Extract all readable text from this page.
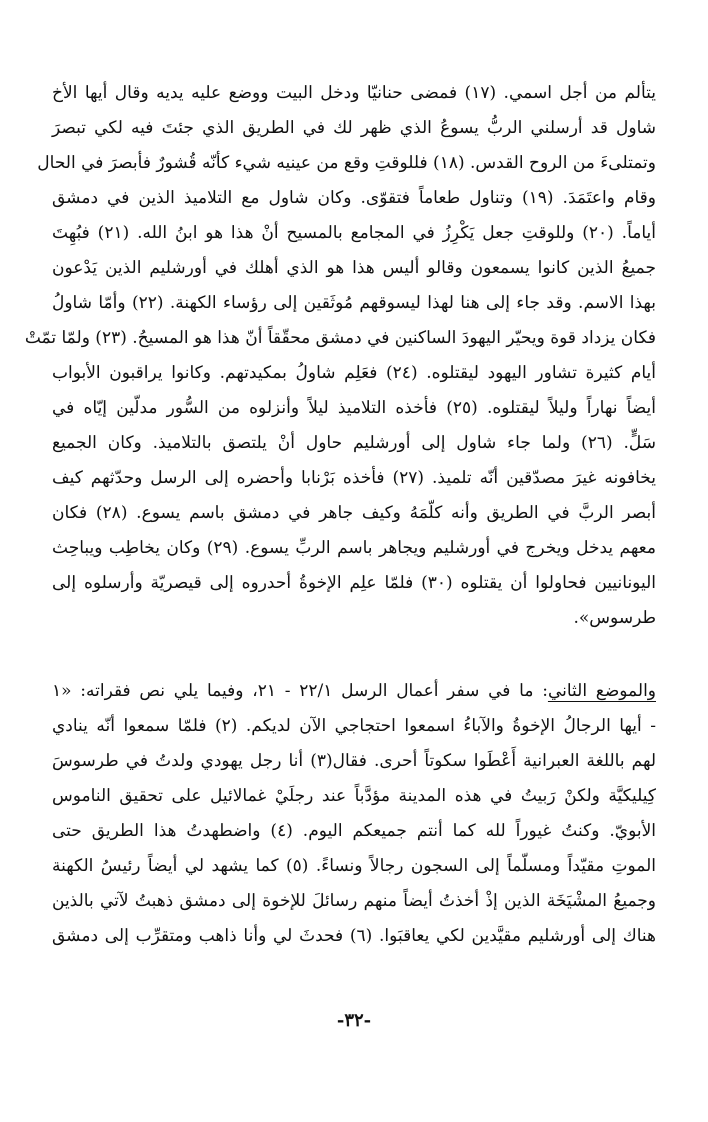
يتألم من أجل اسمي. (١٧) فمضى حنانيّا ودخل البيت ووضع عليه يديه وقال أيها الأخ
شاول قد أرسلني الربُّ يسوعُ الذي ظهر لك في الطريق الذي جئتَ فيه لكي تبصرَ
وتمتلىءَ من الروح القدس. (١٨) فللوقتِ وقع من عينيه شيء كأنّه قُشورٌ فأبصرَ في الحال
وقام واعتَمَدَ. (١٩) وتناول طعاماً فتقوّى. وكان شاول مع التلاميذ الذين في دمشق
أياماً. (٢٠) وللوقتِ جعل يَكْرِزُ في المجامع بالمسيح أنْ هذا هو ابنُ الله. (٢١) فبُهِتَ
جميعُ الذين كانوا يسمعون وقالو أليس هذا هو الذي أهلك في أورشليم الذين يَدْعون
بهذا الاسم. وقد جاء إلى هنا لهذا ليسوقهم مُوثَقين إلى رؤساء الكهنة. (٢٢) وأمّا شاولُ
فكان يزداد قوة ويحيّر اليهودَ الساكنين في دمشق محقّقاً أنّ هذا هو المسيحُ. (٢٣) ولمّا تمّتْ
أيام كثيرة تشاور اليهود ليقتلوه. (٢٤) فعَلِم شاولُ بمكيدتهم. وكانوا يراقبون الأبواب
أيضاً نهاراً وليلاً ليقتلوه. (٢٥) فأخذه التلاميذ ليلاً وأنزلوه من السُّور مدلّين إيّاه في
سَلٍّ. (٢٦) ولما جاء شاول إلى أورشليم حاول أنْ يلتصق بالتلاميذ. وكان الجميع
يخافونه غيرَ مصدّقين أنّه تلميذ. (٢٧) فأخذه بَرْنابا وأحضره إلى الرسل وحدّثهم كيف
أبصر الربَّ في الطريق وأنه كلّمَهُ وكيف جاهر في دمشق باسم يسوع. (٢٨) فكان
معهم يدخل ويخرج في أورشليم ويجاهر باسم الربِّ يسوع. (٢٩) وكان يخاطِب ويباحِث
اليونانيين فحاولوا أن يقتلوه (٣٠) فلمّا علِم الإخوةُ أحدروه إلى قيصريّة وأرسلوه إلى
طرسوس».
والموضع الثاني: ما في سفر أعمال الرسل ٢٢/١ - ٢١، وفيما يلي نص فقراته: «١
- أيها الرجالُ الإخوةُ والآباءُ اسمعوا احتجاجي الآن لديكم. (٢) فلمّا سمعوا أنّه ينادي
لهم باللغة العبرانية أَعْطَوا سكوتاً أحرى. فقال(٣) أنا رجل يهودي ولدتُ في طرسوسَ
كِيليكيَّة ولكنْ رَبيتُ في هذه المدينة مؤدَّباً عند رجلَيْ غمالائيل على تحقيق الناموس
الأبويّ. وكنتُ غيوراً لله كما أنتم جميعكم اليوم. (٤) واضطهدتُ هذا الطريق حتى
الموتِ مقيّداً ومسلّماً إلى السجون رجالاً ونساءً. (٥) كما يشهد لي أيضاً رئيسُ الكهنة
وجميعُ المشْيَخَة الذين إذْ أخذتُ أيضاً منهم رسائلَ للإخوة إلى دمشق ذهبتُ لآتي بالذين
هناك إلى أورشليم مقيَّدين لكي يعاقبَوا. (٦) فحدثَ لي وأنا ذاهب ومتقرِّب إلى دمشق
-٣٢-
